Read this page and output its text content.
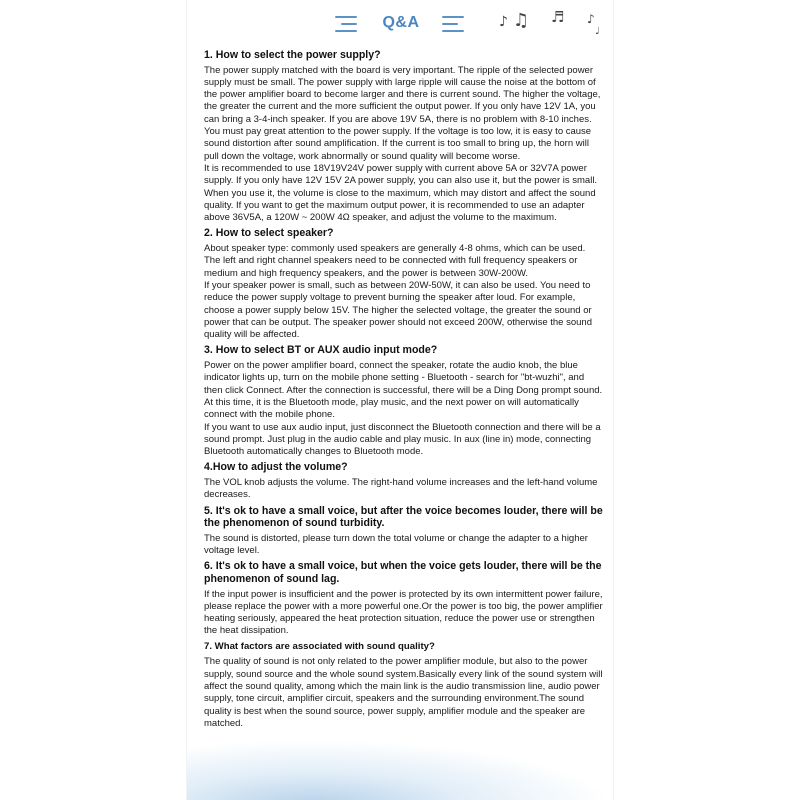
Q&A	♪ ♫ ♬ ♪
♩
1. How to select the power supply?
The power supply matched with the board is very important. The ripple of the selected power supply must be small. The power supply with large ripple will cause the noise at the bottom of the power amplifier board to become larger and there is current sound. The higher the voltage, the greater the current and the more sufficient the output power. If you only have 12V 1A, you can bring a 3-4-inch speaker. If you are above 19V 5A, there is no problem with 8-10 inches. You must pay great attention to the power supply. If the voltage is too low, it is easy to cause sound distortion after sound amplification. If the current is too small to bring up, the horn will pull down the voltage, work abnormally or sound quality will become worse.
It is recommended to use 18V19V24V power supply with current above 5A or 32V7A power supply. If you only have 12V 15V 2A power supply, you can also use it, but the power is small. When you use it, the volume is close to the maximum, which may distort and affect the sound quality. If you want to get the maximum output power, it is recommended to use an adapter above 36V5A, a 120W ~ 200W 4Ω speaker, and adjust the volume to the maximum.
2. How to select speaker?
About speaker type: commonly used speakers are generally 4-8 ohms, which can be used. The left and right channel speakers need to be connected with full frequency speakers or medium and high frequency speakers, and the power is between 30W-200W.
If your speaker power is small, such as between 20W-50W, it can also be used. You need to reduce the power supply voltage to prevent burning the speaker after loud. For example, choose a power supply below 15V. The higher the selected voltage, the greater the sound or power that can be output. The speaker power should not exceed 200W, otherwise the sound quality will be affected.
3. How to select BT or AUX audio input mode?
Power on the power amplifier board, connect the speaker, rotate the audio knob, the blue indicator lights up, turn on the mobile phone setting - Bluetooth - search for "bt-wuzhi", and then click Connect. After the connection is successful, there will be a Ding Dong prompt sound. At this time, it is the Bluetooth mode, play music, and the next power on will automatically connect with the mobile phone.
If you want to use aux audio input, just disconnect the Bluetooth connection and there will be a sound prompt. Just plug in the audio cable and play music. In aux (line in) mode, connecting Bluetooth automatically changes to Bluetooth mode.
4.How to adjust the volume?
The VOL knob adjusts the volume. The right-hand volume increases and the left-hand volume decreases.
5. It's ok to have a small voice, but after the voice becomes louder, there will be the phenomenon of sound turbidity.
The sound is distorted, please turn down the total volume or change the adapter to a higher voltage level.
6. It's ok to have a small voice, but when the voice gets louder, there will be the phenomenon of sound lag.
If the input power is insufficient and the power is protected by its own intermittent power failure, please replace the power with a more powerful one.Or the power is too big, the power amplifier heating seriously, appeared the heat protection situation, reduce the power use or strengthen the heat dissipation.
7. What factors are associated with sound quality?
The quality of sound is not only related to the power amplifier module, but also to the power supply, sound source and the whole sound system.Basically every link of the sound system will affect the sound quality, among which the main link is the audio transmission line, audio power supply, tone circuit, amplifier circuit, speakers and the surrounding environment.The sound quality is best when the sound source, power supply, amplifier module and the speaker are matched.
